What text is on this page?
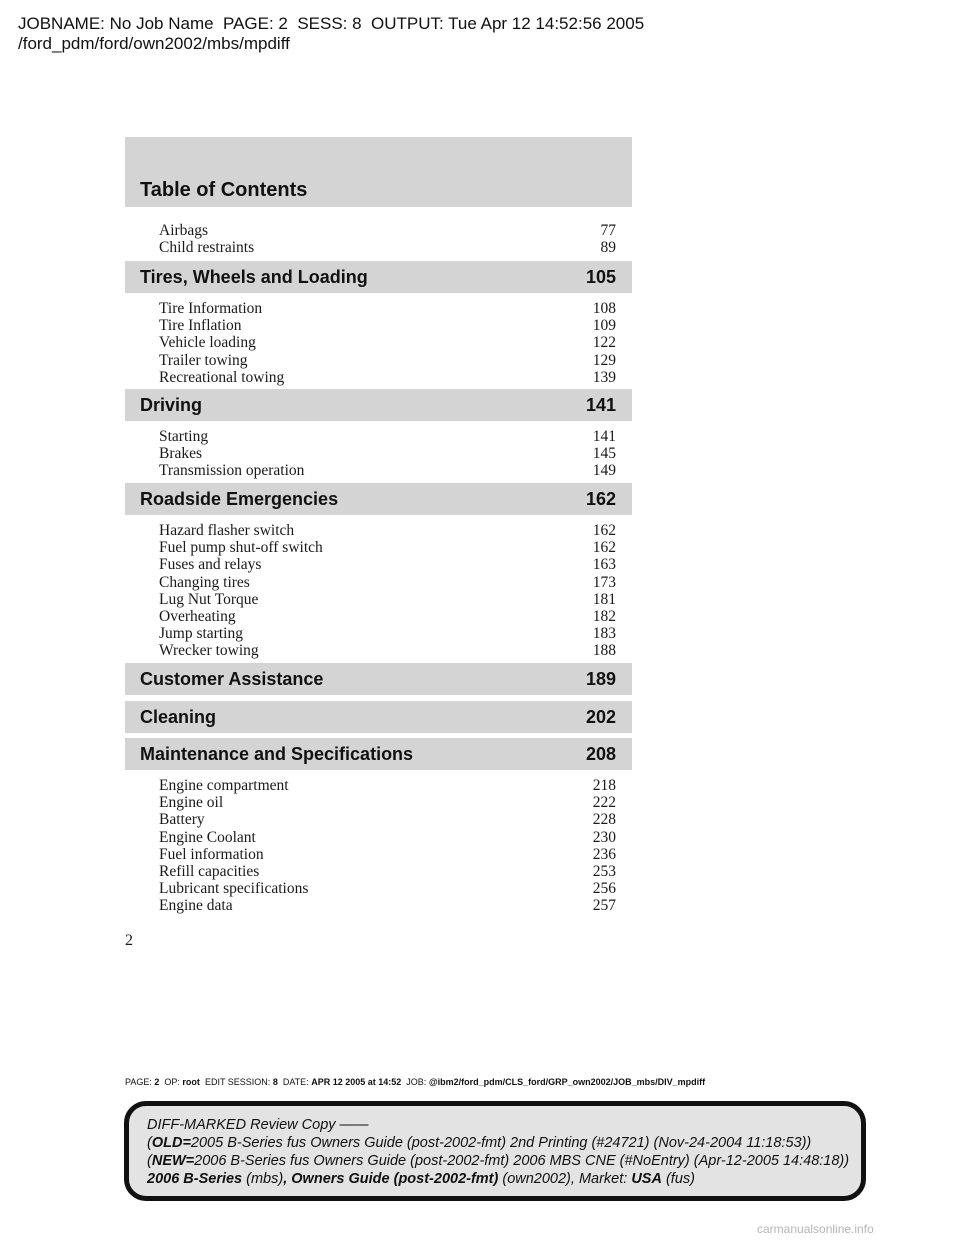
JOBNAME: No Job Name  PAGE: 2  SESS: 8  OUTPUT: Tue Apr 12 14:52:56 2005
/ford_pdm/ford/own2002/mbs/mpdiff
Table of Contents
Airbags	77
Child restraints	89
Tires, Wheels and Loading	105
Tire Information	108
Tire Inflation	109
Vehicle loading	122
Trailer towing	129
Recreational towing	139
Driving	141
Starting	141
Brakes	145
Transmission operation	149
Roadside Emergencies	162
Hazard flasher switch	162
Fuel pump shut-off switch	162
Fuses and relays	163
Changing tires	173
Lug Nut Torque	181
Overheating	182
Jump starting	183
Wrecker towing	188
Customer Assistance	189
Cleaning	202
Maintenance and Specifications	208
Engine compartment	218
Engine oil	222
Battery	228
Engine Coolant	230
Fuel information	236
Refill capacities	253
Lubricant specifications	256
Engine data	257
2
PAGE: 2 OP: root EDIT SESSION: 8 DATE: APR 12 2005 at 14:52 JOB: @ibm2/ford_pdm/CLS_ford/GRP_own2002/JOB_mbs/DIV_mpdiff
DIFF-MARKED Review Copy ——
(OLD=2005 B-Series fus Owners Guide (post-2002-fmt) 2nd Printing (#24721) (Nov-24-2004 11:18:53))
(NEW=2006 B-Series fus Owners Guide (post-2002-fmt) 2006 MBS CNE (#NoEntry) (Apr-12-2005 14:48:18))
2006 B-Series (mbs), Owners Guide (post-2002-fmt) (own2002), Market: USA (fus)
carmanualsonline.info
